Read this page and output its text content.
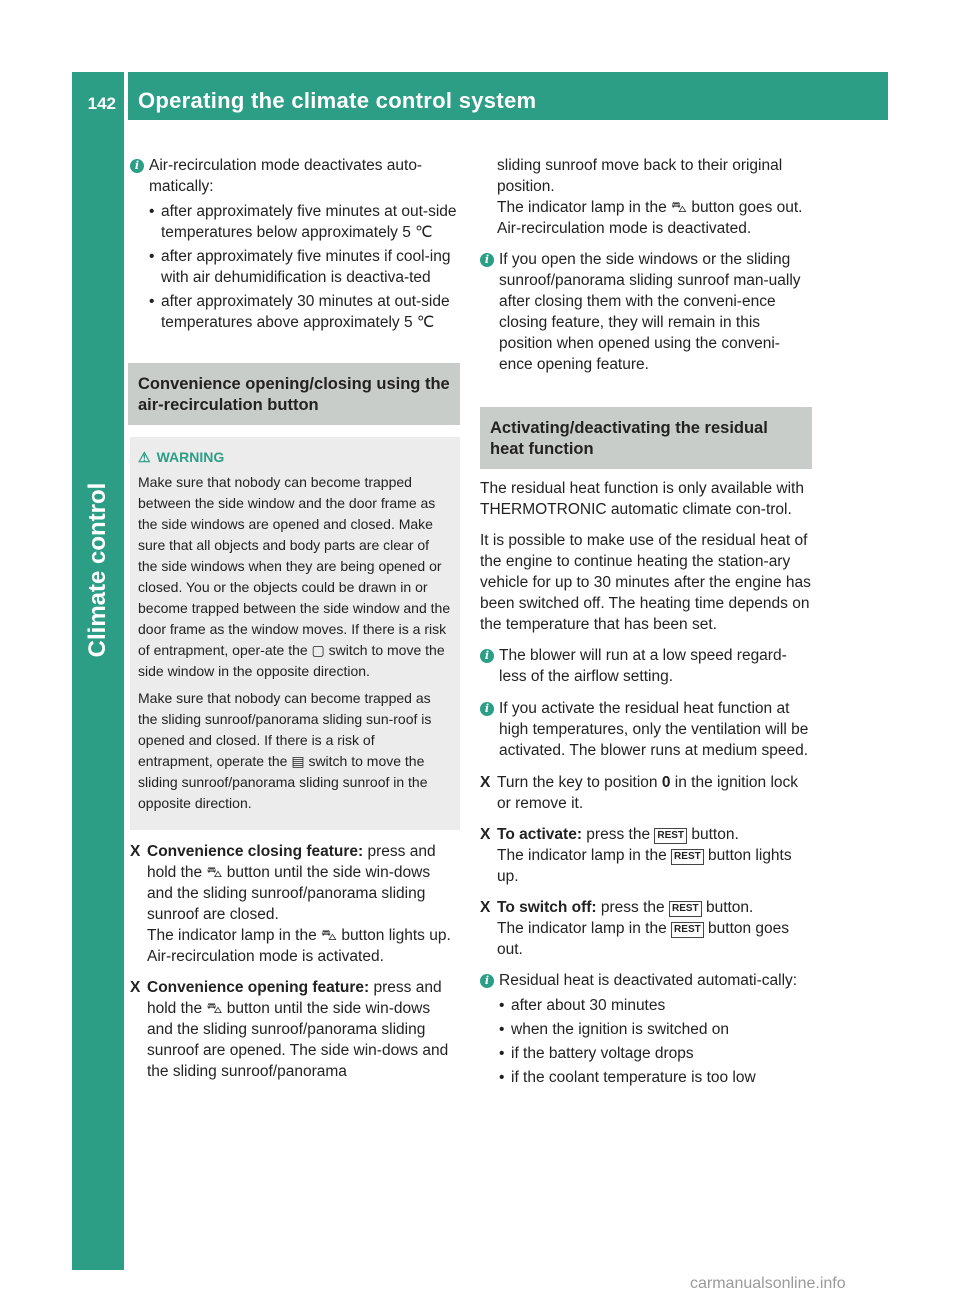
142 Operating the climate control system
Climate control
i Air-recirculation mode deactivates auto-matically:
• after approximately five minutes at out-side temperatures below approximately 5 ℃
• after approximately five minutes if cool-ing with air dehumidification is deactiva-ted
• after approximately 30 minutes at out-side temperatures above approximately 5 ℃
Convenience opening/closing using the air-recirculation button
⚠ WARNING

Make sure that nobody can become trapped between the side window and the door frame as the side windows are opened and closed. Make sure that all objects and body parts are clear of the side windows when they are being opened or closed. You or the objects could be drawn in or become trapped between the side window and the door frame as the window moves. If there is a risk of entrapment, oper-ate the ▢ switch to move the side window in the opposite direction.

Make sure that nobody can become trapped as the sliding sunroof/panorama sliding sun-roof is opened and closed. If there is a risk of entrapment, operate the ▤ switch to move the sliding sunroof/panorama sliding sunroof in the opposite direction.

X Convenience closing feature: press and hold the ⛍ button until the side win-dows and the sliding sunroof/panorama sliding sunroof are closed.
The indicator lamp in the ⛍ button lights up. Air-recirculation mode is activated.
X Convenience opening feature: press and hold the ⛍ button until the side win-dows and the sliding sunroof/panorama sliding sunroof are opened. The side win-dows and the sliding sunroof/panorama
sliding sunroof move back to their original position.
The indicator lamp in the ⛍ button goes out. Air-recirculation mode is deactivated.
i If you open the side windows or the sliding sunroof/panorama sliding sunroof man-ually after closing them with the conveni-ence closing feature, they will remain in this position when opened using the conveni-ence opening feature.
Activating/deactivating the residual heat function

The residual heat function is only available with THERMOTRONIC automatic climate con-trol.

It is possible to make use of the residual heat of the engine to continue heating the station-ary vehicle for up to 30 minutes after the engine has been switched off. The heating time depends on the temperature that has been set.

i The blower will run at a low speed regard-less of the airflow setting.
i If you activate the residual heat function at high temperatures, only the ventilation will be activated. The blower runs at medium speed.
X Turn the key to position 0 in the ignition lock or remove it.
X To activate: press the REST button.
The indicator lamp in the REST button lights up.
X To switch off: press the REST button.
The indicator lamp in the REST button goes out.
i Residual heat is deactivated automati-cally:
• after about 30 minutes
• when the ignition is switched on
• if the battery voltage drops
• if the coolant temperature is too low
carmanualsonline.info
